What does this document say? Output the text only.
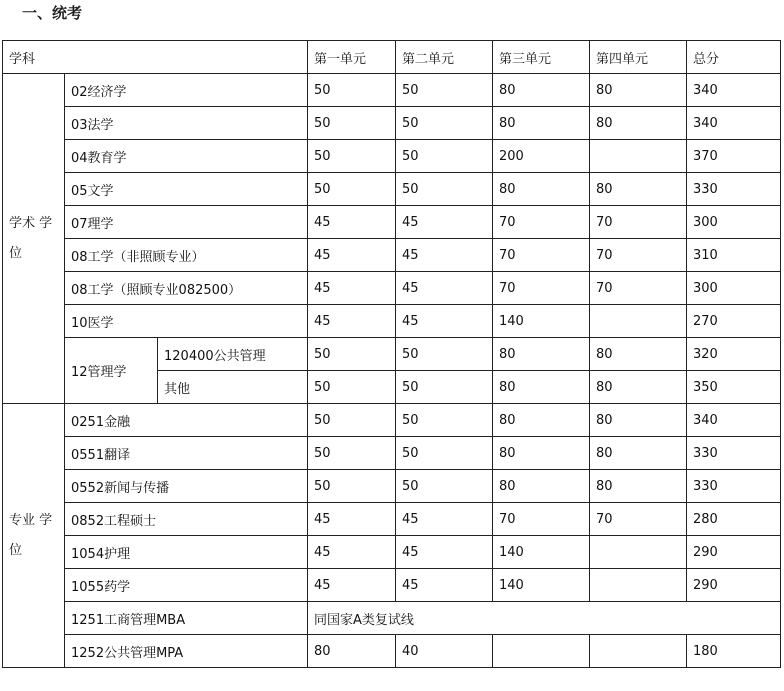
一、统考
学科			第一单元	第二单元	第三单元	第四单元	总分
学术 学位	02经济学		50	50	80	80	340
	03法学		50	50	80	80	340
	04教育学		50	50	200		370
	05文学		50	50	80	80	330
	07理学		45	45	70	70	300
	08工学（非照顾专业）		45	45	70	70	310
	08工学（照顾专业082500）		45	45	70	70	300
	10医学		45	45	140		270
	12管理学	120400公共管理	50	50	80	80	320
		其他	50	50	80	80	350
专业 学位	0251金融		50	50	80	80	340
	0551翻译		50	50	80	80	330
	0552新闻与传播		50	50	80	80	330
	0852工程硕士		45	45	70	70	280
	1054护理		45	45	140		290
	1055药学		45	45	140		290
	1251工商管理MBA		同国家A类复试线				
	1252公共管理MPA		80	40			180
